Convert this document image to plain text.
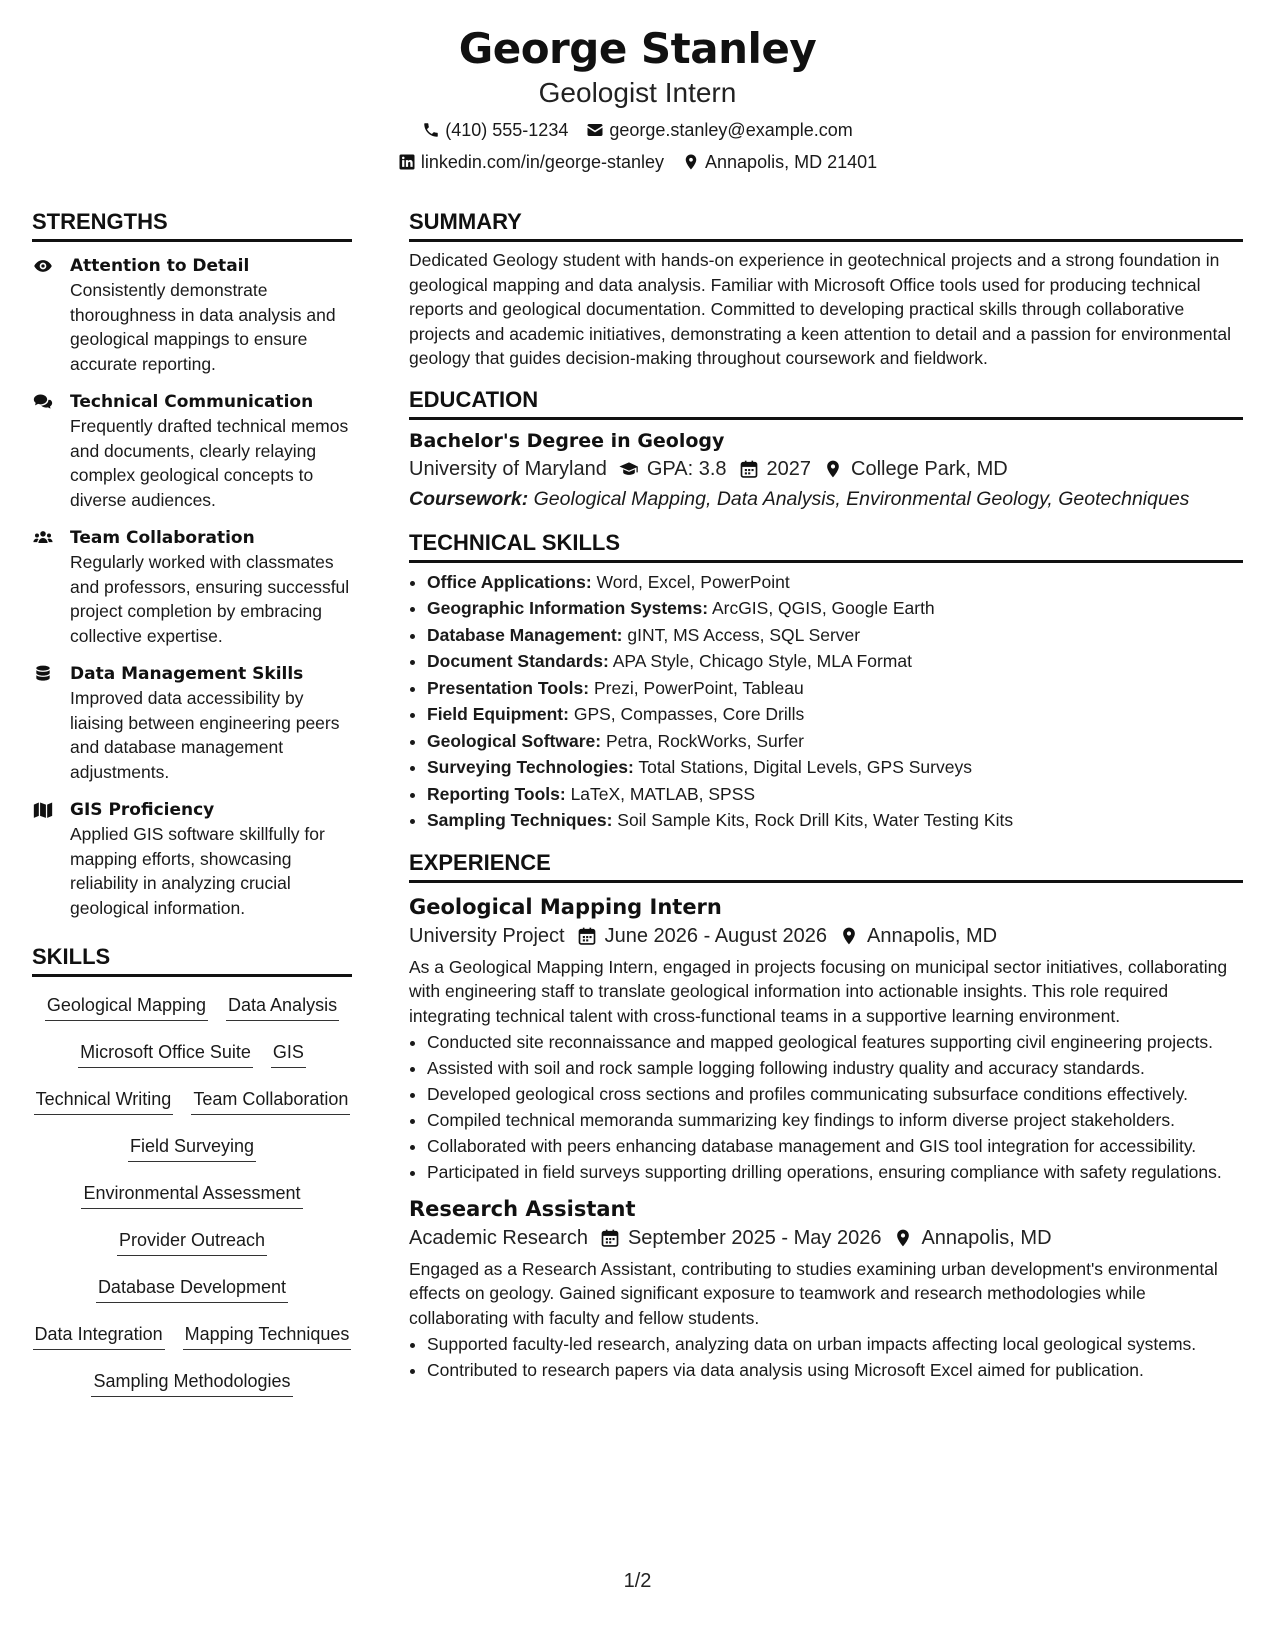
George Stanley
Geologist Intern
(410) 555-1234 george.stanley@example.com
linkedin.com/in/george-stanley Annapolis, MD 21401
STRENGTHS
Attention to Detail
Consistently demonstrate thoroughness in data analysis and geological mappings to ensure accurate reporting.
Technical Communication
Frequently drafted technical memos and documents, clearly relaying complex geological concepts to diverse audiences.
Team Collaboration
Regularly worked with classmates and professors, ensuring successful project completion by embracing collective expertise.
Data Management Skills
Improved data accessibility by liaising between engineering peers and database management adjustments.
GIS Proficiency
Applied GIS software skillfully for mapping efforts, showcasing reliability in analyzing crucial geological information.
SKILLS
Geological Mapping Data Analysis
Microsoft Office Suite GIS
Technical Writing Team Collaboration
Field Surveying
Environmental Assessment
Provider Outreach
Database Development
Data Integration Mapping Techniques
Sampling Methodologies
SUMMARY
Dedicated Geology student with hands-on experience in geotechnical projects and a strong foundation in geological mapping and data analysis. Familiar with Microsoft Office tools used for producing technical reports and geological documentation. Committed to developing practical skills through collaborative projects and academic initiatives, demonstrating a keen attention to detail and a passion for environmental geology that guides decision-making throughout coursework and fieldwork.
EDUCATION
Bachelor's Degree in Geology
University of Maryland GPA: 3.8 2027 College Park, MD
Coursework: Geological Mapping, Data Analysis, Environmental Geology, Geotechniques
TECHNICAL SKILLS
• Office Applications: Word, Excel, PowerPoint
• Geographic Information Systems: ArcGIS, QGIS, Google Earth
• Database Management: gINT, MS Access, SQL Server
• Document Standards: APA Style, Chicago Style, MLA Format
• Presentation Tools: Prezi, PowerPoint, Tableau
• Field Equipment: GPS, Compasses, Core Drills
• Geological Software: Petra, RockWorks, Surfer
• Surveying Technologies: Total Stations, Digital Levels, GPS Surveys
• Reporting Tools: LaTeX, MATLAB, SPSS
• Sampling Techniques: Soil Sample Kits, Rock Drill Kits, Water Testing Kits
EXPERIENCE
Geological Mapping Intern
University Project June 2026 - August 2026 Annapolis, MD
As a Geological Mapping Intern, engaged in projects focusing on municipal sector initiatives, collaborating with engineering staff to translate geological information into actionable insights. This role required integrating technical talent with cross-functional teams in a supportive learning environment.
• Conducted site reconnaissance and mapped geological features supporting civil engineering projects.
• Assisted with soil and rock sample logging following industry quality and accuracy standards.
• Developed geological cross sections and profiles communicating subsurface conditions effectively.
• Compiled technical memoranda summarizing key findings to inform diverse project stakeholders.
• Collaborated with peers enhancing database management and GIS tool integration for accessibility.
• Participated in field surveys supporting drilling operations, ensuring compliance with safety regulations.
Research Assistant
Academic Research September 2025 - May 2026 Annapolis, MD
Engaged as a Research Assistant, contributing to studies examining urban development's environmental effects on geology. Gained significant exposure to teamwork and research methodologies while collaborating with faculty and fellow students.
• Supported faculty-led research, analyzing data on urban impacts affecting local geological systems.
• Contributed to research papers via data analysis using Microsoft Excel aimed for publication.
1/2
